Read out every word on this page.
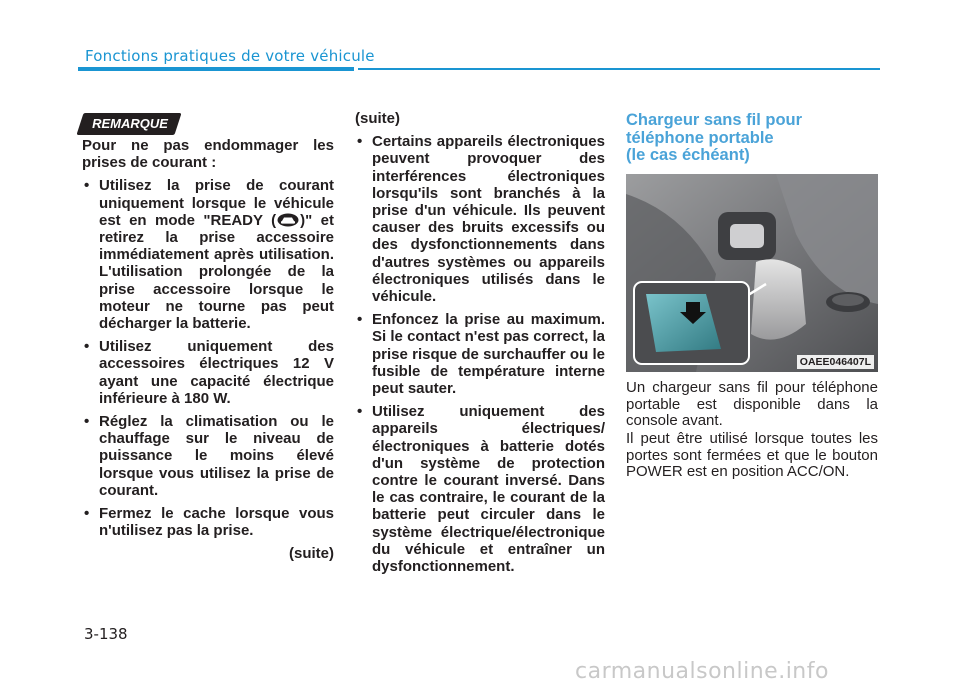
Fonctions pratiques de votre véhicule
REMARQUE

Pour ne pas endommager les prises de courant :

• Utilisez la prise de courant uniquement lorsque le véhicule est en mode "READY ( )" et retirez la prise accessoire immédiatement après utilisation. L'utilisation prolongée de la prise accessoire lorsque le moteur ne tourne pas peut décharger la batterie.
• Utilisez uniquement des accessoires électriques 12 V ayant une capacité électrique inférieure à 180 W.
• Réglez la climatisation ou le chauffage sur le niveau de puissance le moins élevé lorsque vous utilisez la prise de courant.
• Fermez le cache lorsque vous n'utilisez pas la prise.

(suite)

(suite)

• Certains appareils électroniques peuvent provoquer des interférences électroniques lorsqu'ils sont branchés à la prise d'un véhicule. Ils peuvent causer des bruits excessifs ou des dysfonctionnements dans d'autres systèmes ou appareils électroniques utilisés dans le véhicule.
• Enfoncez la prise au maximum. Si le contact n'est pas correct, la prise risque de surchauffer ou le fusible de température interne peut sauter.
• Utilisez uniquement des appareils électriques/ électroniques à batterie dotés d'un système de protection contre le courant inversé. Dans le cas contraire, le courant de la batterie peut circuler dans le système électrique/électronique du véhicule et entraîner un dysfonctionnement.
Chargeur sans fil pour
téléphone portable
(le cas échéant)
OAEE046407L

Un chargeur sans fil pour téléphone portable est disponible dans la console avant.

Il peut être utilisé lorsque toutes les portes sont fermées et que le bouton POWER est en position ACC/ON.

3-138
carmanualsonline.info
